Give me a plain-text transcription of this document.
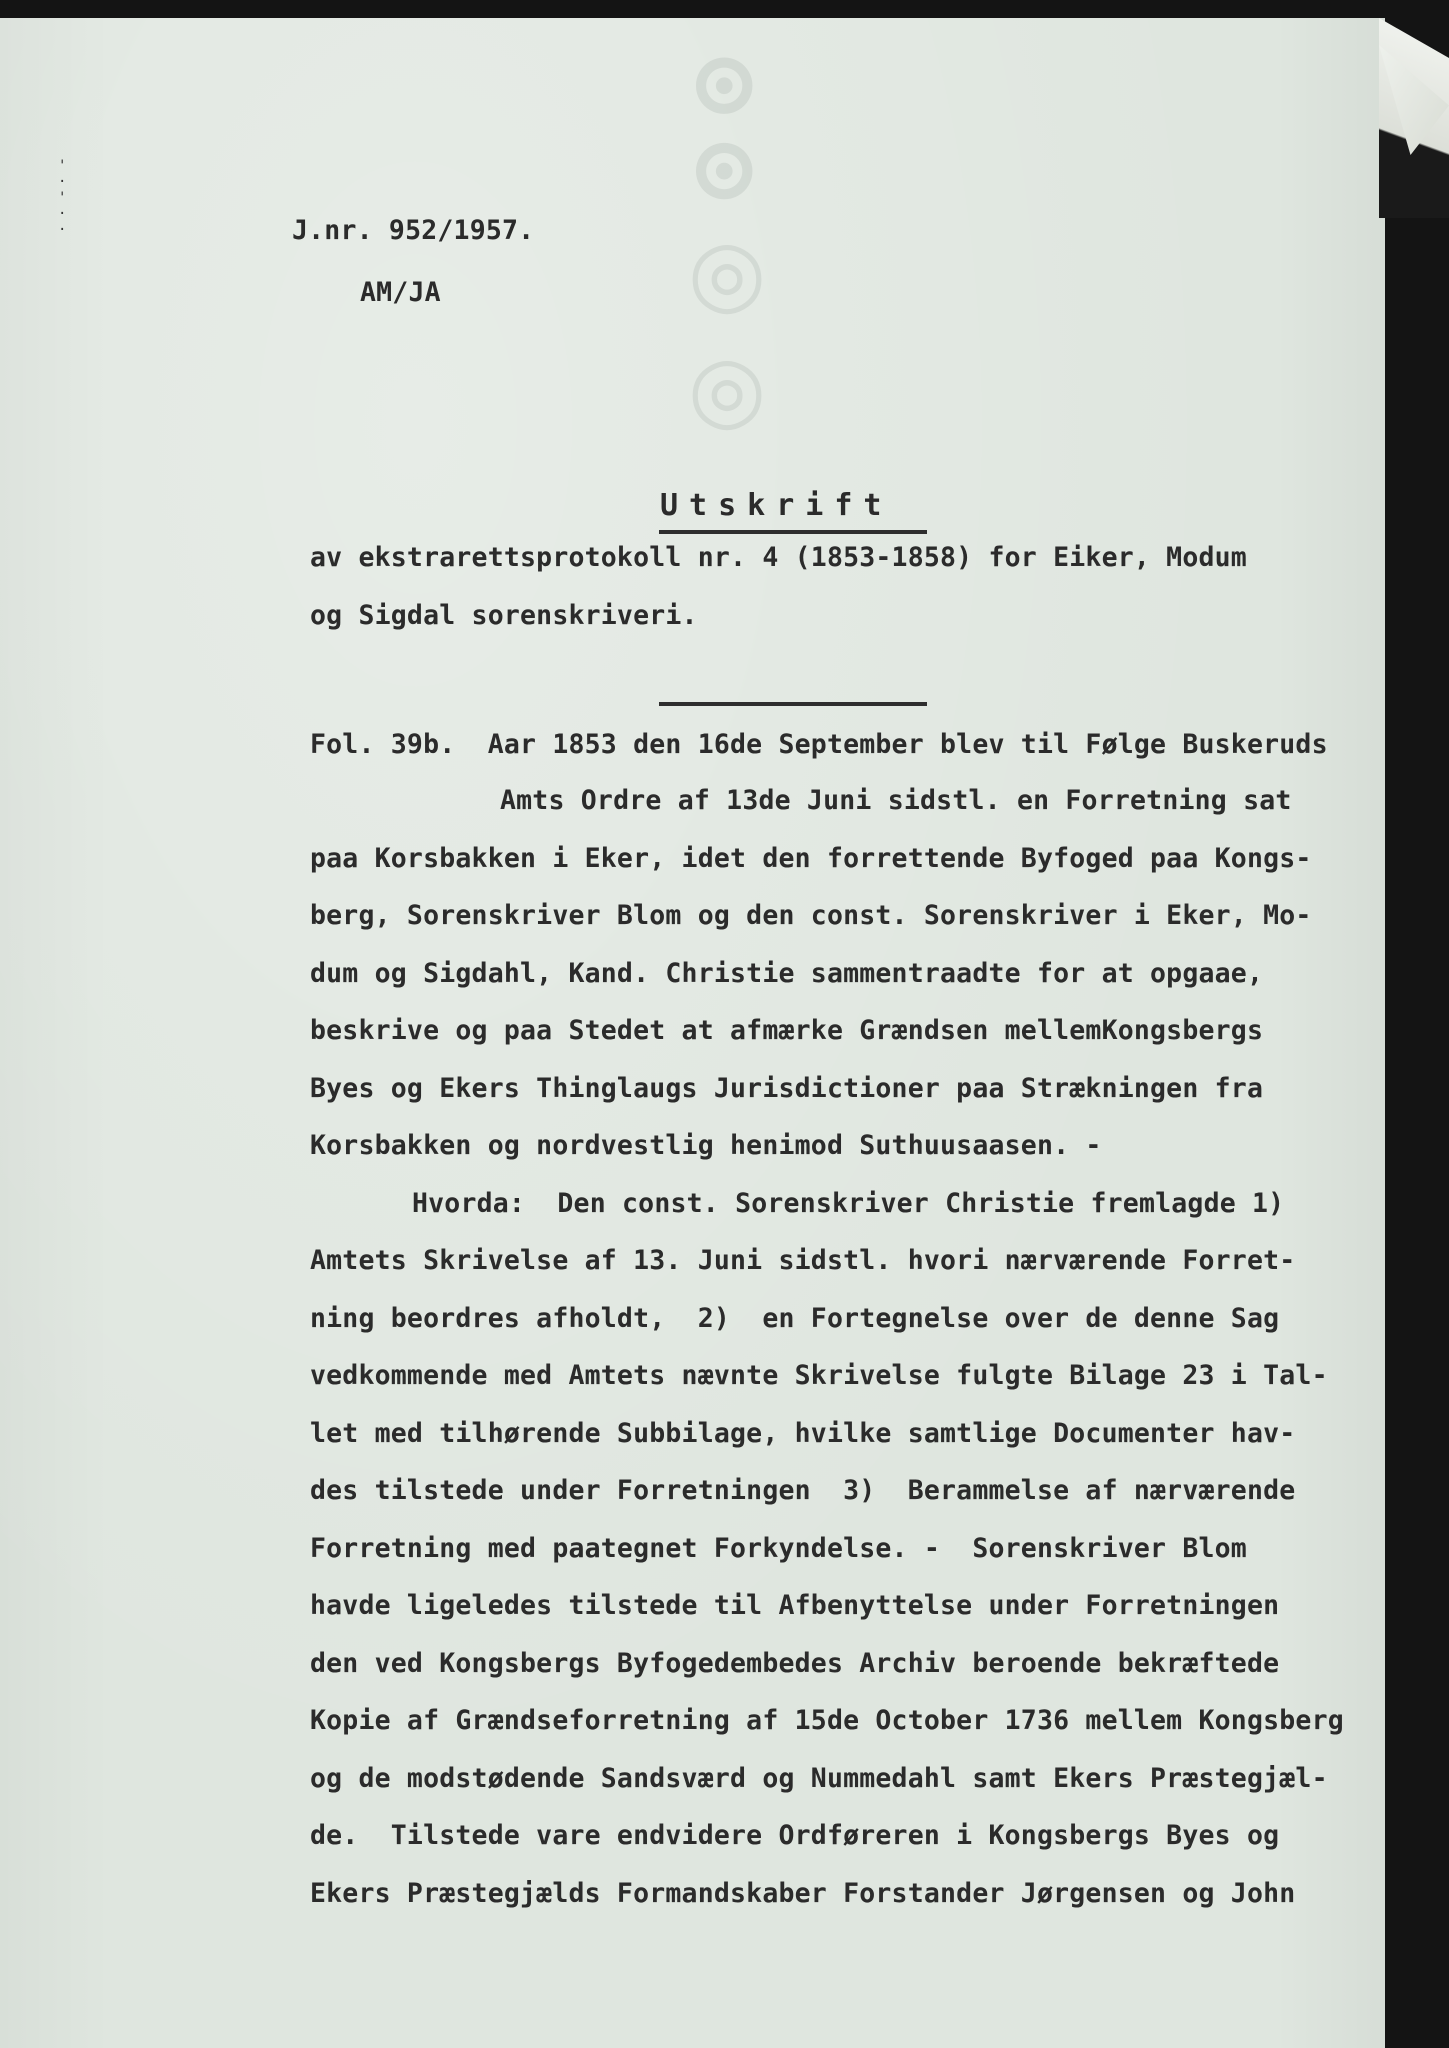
'
·
'
·
·	⊙⊙◎◎
J.nr. 952/1957.
AM/JA
Utskrift
av ekstrarettsprotokoll nr. 4 (1853-1858) for Eiker, Modum
og Sigdal sorenskriveri.
Fol. 39b.  Aar 1853 den 16de September blev til Følge Buskeruds
Amts Ordre af 13de Juni sidstl. en Forretning sat
paa Korsbakken i Eker, idet den forrettende Byfoged paa Kongs-
berg, Sorenskriver Blom og den const. Sorenskriver i Eker, Mo-
dum og Sigdahl, Kand. Christie sammentraadte for at opgaae,
beskrive og paa Stedet at afmærke Grændsen mellemKongsbergs
Byes og Ekers Thinglaugs Jurisdictioner paa Strækningen fra
Korsbakken og nordvestlig henimod Suthuusaasen. -
Hvorda:  Den const. Sorenskriver Christie fremlagde 1)
Amtets Skrivelse af 13. Juni sidstl. hvori nærværende Forret-
ning beordres afholdt,  2)  en Fortegnelse over de denne Sag
vedkommende med Amtets nævnte Skrivelse fulgte Bilage 23 i Tal-
let med tilhørende Subbilage, hvilke samtlige Documenter hav-
des tilstede under Forretningen  3)  Berammelse af nærværende
Forretning med paategnet Forkyndelse. -  Sorenskriver Blom
havde ligeledes tilstede til Afbenyttelse under Forretningen
den ved Kongsbergs Byfogedembedes Archiv beroende bekræftede
Kopie af Grændseforretning af 15de October 1736 mellem Kongsberg
og de modstødende Sandsværd og Nummedahl samt Ekers Præstegjæl-
de.  Tilstede vare endvidere Ordføreren i Kongsbergs Byes og
Ekers Præstegjælds Formandskaber Forstander Jørgensen og John
